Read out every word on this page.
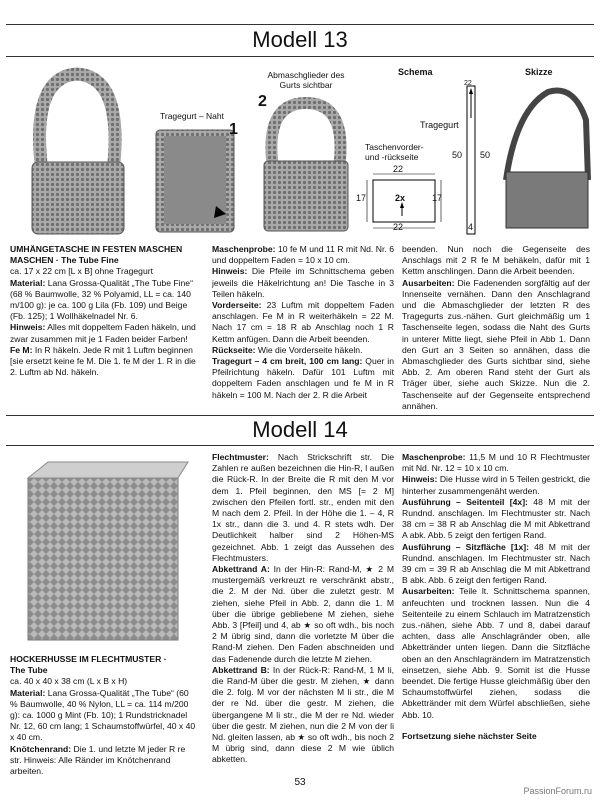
Modell 13
Tragegurt – Naht
1
Abmaschglieder des Gurts sichtbar
2
Schema
22
Tragegurt
Taschenvorder- und -rückseite
22
22
17	17
2x
50 50
4
Skizze
UMHÄNGETASCHE IN FESTEN MASCHEN
MASCHEN · The Tube Fine
ca. 17 x 22 cm [L x B] ohne Tragegurt

Material: Lana Grossa-Qualität „The Tube Fine“ (68 % Baumwolle, 32 % Polyamid, LL = ca. 140 m/100 g): je ca. 100 g Lila (Fb. 109) und Beige (Fb. 125); 1 Wollhäkelnadel Nr. 6.

Hinweis: Alles mit doppeltem Faden häkeln, und zwar zusammen mit je 1 Faden beider Farben!

Fe M: In R häkeln. Jede R mit 1 Luftm beginnen [sie ersetzt keine fe M. Die 1. fe M der 1. R in die 2. Luftm ab Nd. häkeln.

Maschenprobe: 10 fe M und 11 R mit Nd. Nr. 6 und doppeltem Faden = 10 x 10 cm.

Hinweis: Die Pfeile im Schnittschema geben jeweils die Häkelrichtung an! Die Tasche in 3 Teilen häkeln.

Vorderseite: 23 Luftm mit doppeltem Faden anschlagen. Fe M in R weiterhäkeln = 22 M. Nach 17 cm = 18 R ab Anschlag noch 1 R Kettm anfügen. Dann die Arbeit beenden.

Rückseite: Wie die Vorderseite häkeln.

Tragegurt – 4 cm breit, 100 cm lang: Quer in Pfeilrichtung häkeln. Dafür 101 Luftm mit doppeltem Faden anschlagen und fe M in R häkeln = 100 M. Nach der 2. R die Arbeit

beenden. Nun noch die Gegenseite des Anschlags mit 2 R fe M behäkeln, dafür mit 1 Kettm anschlingen. Dann die Arbeit beenden.

Ausarbeiten: Die Fadenenden sorgfältig auf der Innenseite vernähen. Dann den Anschlagrand und die Abmaschglieder der letzten R des Tragegurts zus.-nähen. Gurt gleichmäßig um 1 Taschenseite legen, sodass die Naht des Gurts in unterer Mitte liegt, siehe Pfeil in Abb 1. Dann den Gurt an 3 Seiten so annähen, dass die Abmaschglieder des Gurts sichtbar sind, siehe Abb. 2. Am oberen Rand steht der Gurt als Träger über, siehe auch Skizze. Nun die 2. Taschenseite auf der Gegenseite entsprechend annähen.

Modell 14
HOCKERHUSSE IM FLECHTMUSTER ·
The Tube
ca. 40 x 40 x 38 cm (L x B x H)

Material: Lana Grossa-Qualität „The Tube“ (60 % Baumwolle, 40 % Nylon, LL = ca. 114 m/200 g): ca. 1000 g Mint (Fb. 10); 1 Rundstricknadel Nr. 12, 60 cm lang; 1 Schaumstoffwürfel, 40 x 40 x 40 cm.

Knötchenrand: Die 1. und letzte M jeder R re str. Hinweis: Alle Ränder im Knötchenrand arbeiten.

Flechtmuster: Nach Strickschrift str. Die Zahlen re außen bezeichnen die Hin-R, l außen die Rück-R. In der Breite die R mit den M vor dem 1. Pfeil beginnen, den MS [= 2 M] zwischen den Pfeilen fortl. str., enden mit den M nach dem 2. Pfeil. In der Höhe die 1. – 4, R 1x str., dann die 3. und 4. R stets wdh. Der Deutlichkeit halber sind 2 Höhen-MS gezeichnet. Abb. 1 zeigt das Aussehen des Flechtmusters.

Abkettrand A: In der Hin-R: Rand-M, ★ 2 M mustergemäß verkreuzt re verschränkt abstr., die 2. M der Nd. über die zuletzt gestr. M ziehen, siehe Pfeil in Abb. 2, dann die 1. M über die übrige gebliebene M ziehen, siehe Abb. 3 [Pfeil] und 4, ab ★ so oft wdh., bis noch 2 M übrig sind, dann die vorletzte M über die Rand-M ziehen. Den Faden abschneiden und das Fadenende durch die letzte M ziehen.

Abkettrand B: In der Rück-R: Rand-M, 1 M li, die Rand-M über die gestr. M ziehen, ★ dann die 2. folg. M vor der nächsten M li str., die M der re Nd. über die gestr. M ziehen, die übergangene M li str., die M der re Nd. wieder über die gestr. M ziehen, nun die 2 M von der li Nd. gleiten lassen, ab ★ so oft wdh., bis noch 2 M übrig sind, dann diese 2 M wie üblich abketten.

Maschenprobe: 11,5 M und 10 R Flechtmuster mit Nd. Nr. 12 = 10 x 10 cm.

Hinweis: Die Husse wird in 5 Teilen gestrickt, die hinterher zusammengenäht werden.

Ausführung – Seitenteil [4x]: 48 M mit der Rundnd. anschlagen. Im Flechtmuster str. Nach 38 cm = 38 R ab Anschlag die M mit Abkettrand A abk. Abb. 5 zeigt den fertigen Rand.

Ausführung – Sitzfläche [1x]: 48 M mit der Rundnd. anschlagen. Im Flechtmuster str. Nach 39 cm = 39 R ab Anschlag die M mit Abkettrand B abk. Abb. 6 zeigt den fertigen Rand.

Ausarbeiten: Teile lt. Schnittschema spannen, anfeuchten und trocknen lassen. Nun die 4 Seitenteile zu einem Schlauch im Matratzenstich zus.-nähen, siehe Abb. 7 und 8, dabei darauf achten, dass alle Anschlagränder oben, alle Abkettränder unten liegen. Dann die Sitzfläche oben an den Anschlagrändern im Matratzenstich einsetzen, siehe Abb. 9. Somit ist die Husse beendet. Die fertige Husse gleichmäßig über den Schaumstoffwürfel ziehen, sodass die Abkettränder mit dem Würfel abschließen, siehe Abb. 10.

Fortsetzung siehe nächster Seite

53
PassionForum.ru
